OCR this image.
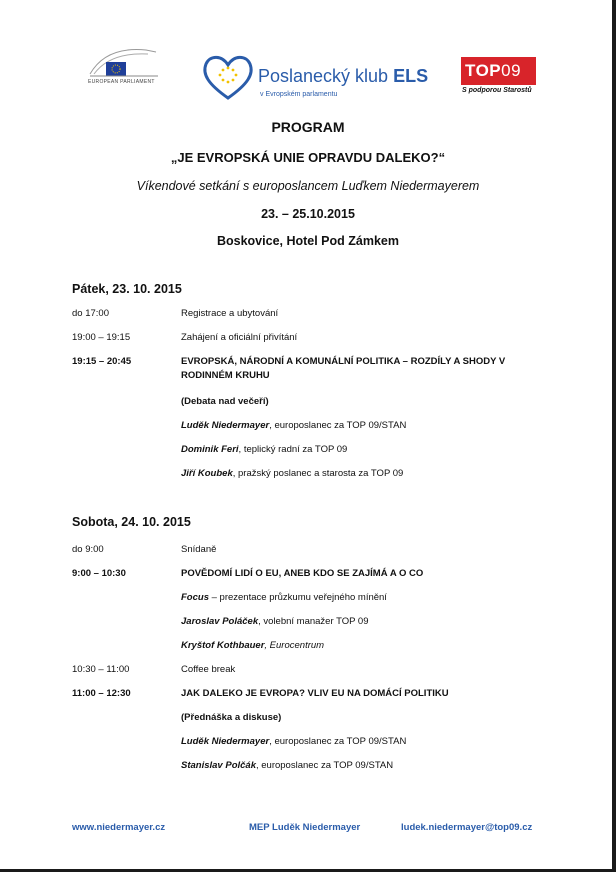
EUROPEAN PARLIAMENT	Poslanecký klub ELS
v Evropském parlamentu
TOP09
S podporou Starostů
PROGRAM
„JE EVROPSKÁ UNIE OPRAVDU DALEKO?“
Víkendové setkání s europoslancem Luďkem Niedermayerem
23. – 25.10.2015
Boskovice, Hotel Pod Zámkem
Pátek, 23. 10. 2015
do 17:00	Registrace a ubytování
19:00 – 19:15	Zahájení a oficiální přivítání
19:15 – 20:45	EVROPSKÁ, NÁRODNÍ A KOMUNÁLNÍ POLITIKA – ROZDÍLY A SHODY V RODINNÉM KRUHU
(Debata nad večeří)
Luděk Niedermayer, europoslanec za TOP 09/STAN
Dominik Feri, teplický radní za TOP 09
Jiří Koubek, pražský poslanec a starosta za TOP 09
Sobota, 24. 10. 2015
do 9:00	Snídaně
9:00 – 10:30	POVĚDOMÍ LIDÍ O EU, ANEB KDO SE ZAJÍMÁ A O CO
Focus – prezentace průzkumu veřejného mínění
Jaroslav Poláček, volební manažer TOP 09
Kryštof Kothbauer, Eurocentrum
10:30 – 11:00	Coffee break
11:00 – 12:30	JAK DALEKO JE EVROPA? VLIV EU NA DOMÁCÍ POLITIKU
(Přednáška a diskuse)
Luděk Niedermayer, europoslanec za TOP 09/STAN
Stanislav Polčák, europoslanec za TOP 09/STAN
www.niedermayer.cz	MEP Luděk Niedermayer	ludek.niedermayer@top09.cz
